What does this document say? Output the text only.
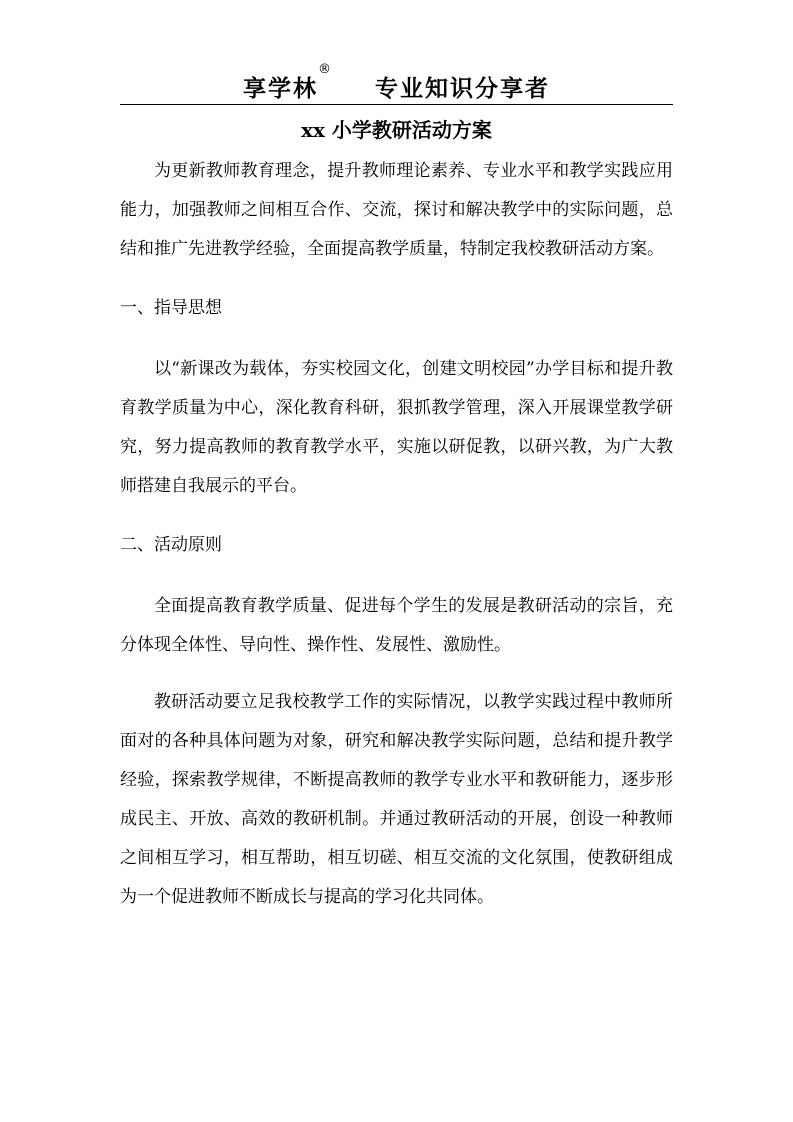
享学林
®
专业知识分享者
xx 小学教研活动方案

为更新教师教育理念，提升教师理论素养、专业水平和教学实践应用能力，加强教师之间相互合作、交流，探讨和解决教学中的实际问题，总结和推广先进教学经验，全面提高教学质量，特制定我校教研活动方案。

一、指导思想

以“新课改为载体，夯实校园文化，创建文明校园”办学目标和提升教育教学质量为中心，深化教育科研，狠抓教学管理，深入开展课堂教学研究，努力提高教师的教育教学水平，实施以研促教，以研兴教，为广大教师搭建自我展示的平台。

二、活动原则

全面提高教育教学质量、促进每个学生的发展是教研活动的宗旨，充分体现全体性、导向性、操作性、发展性、激励性。

教研活动要立足我校教学工作的实际情况，以教学实践过程中教师所面对的各种具体问题为对象，研究和解决教学实际问题，总结和提升教学经验，探索教学规律，不断提高教师的教学专业水平和教研能力，逐步形成民主、开放、高效的教研机制。并通过教研活动的开展，创设一种教师之间相互学习，相互帮助，相互切磋、相互交流的文化氛围，使教研组成为一个促进教师不断成长与提高的学习化共同体。
